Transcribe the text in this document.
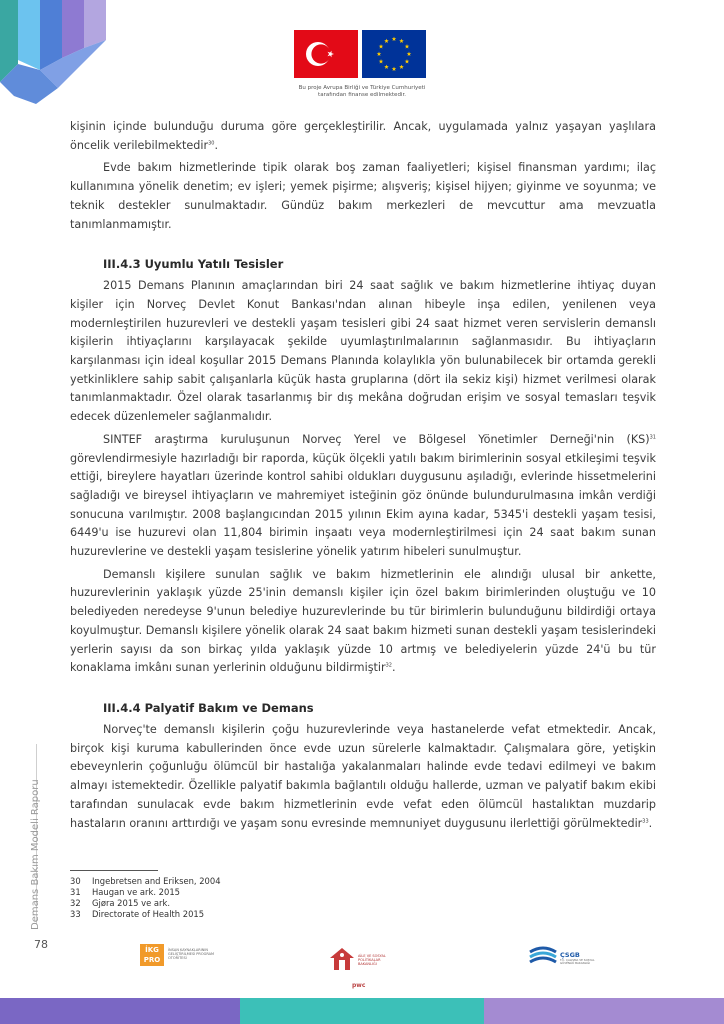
Bu proje Avrupa Birliği ve Türkiye Cumhuriyeti
tarafından finanse edilmektedir.

kişinin içinde bulunduğu duruma göre gerçekleştirilir. Ancak, uygulamada yalnız yaşayan yaşlılara öncelik verilebilmektedir$^{30}$.

Evde bakım hizmetlerinde tipik olarak boş zaman faaliyetleri; kişisel finansman yardımı; ilaç kullanımına yönelik denetim; ev işleri; yemek pişirme; alışveriş; kişisel hijyen; giyinme ve soyunma; ve teknik destekler sunulmaktadır. Gündüz bakım merkezleri de mevcuttur ama mevzuatla tanımlanmamıştır.

III.4.3 Uyumlu Yatılı Tesisler

2015 Demans Planının amaçlarından biri 24 saat sağlık ve bakım hizmetlerine ihtiyaç duyan kişiler için Norveç Devlet Konut Bankası'ndan alınan hibeyle inşa edilen, yenilenen veya modernleştirilen huzurevleri ve destekli yaşam tesisleri gibi 24 saat hizmet veren servislerin demanslı kişilerin ihtiyaçlarını karşılayacak şekilde uyumlaştırılmalarının sağlanmasıdır. Bu ihtiyaçların karşılanması için ideal koşullar 2015 Demans Planında kolaylıkla yön bulunabilecek bir ortamda gerekli yetkinliklere sahip sabit çalışanlarla küçük hasta gruplarına (dört ila sekiz kişi) hizmet verilmesi olarak tanımlanmaktadır. Özel olarak tasarlanmış bir dış mekâna doğrudan erişim ve sosyal temasları teşvik edecek düzenlemeler sağlanmalıdır.

SINTEF araştırma kuruluşunun Norveç Yerel ve Bölgesel Yönetimler Derneği'nin (KS)$^{31}$ görevlendirmesiyle hazırladığı bir raporda, küçük ölçekli yatılı bakım birimlerinin sosyal etkileşimi teşvik ettiği, bireylere hayatları üzerinde kontrol sahibi oldukları duygusunu aşıladığı, evlerinde hissetmelerini sağladığı ve bireysel ihtiyaçların ve mahremiyet isteğinin göz önünde bulundurulmasına imkân verdiği sonucuna varılmıştır. 2008 başlangıcından 2015 yılının Ekim ayına kadar, 5345'i destekli yaşam tesisi, 6449'u ise huzurevi olan 11,804 birimin inşaatı veya modernleştirilmesi için 24 saat bakım sunan huzurevlerine ve destekli yaşam tesislerine yönelik yatırım hibeleri sunulmuştur.

Demanslı kişilere sunulan sağlık ve bakım hizmetlerinin ele alındığı ulusal bir ankette, huzurevlerinin yaklaşık yüzde 25'inin demanslı kişiler için özel bakım birimlerinden oluştuğu ve 10 belediyeden neredeyse 9'unun belediye huzurevlerinde bu tür birimlerin bulunduğunu bildirdiği ortaya koyulmuştur. Demanslı kişilere yönelik olarak 24 saat bakım hizmeti sunan destekli yaşam tesislerindeki yerlerin sayısı da son birkaç yılda yaklaşık yüzde 10 artmış ve belediyelerin yüzde 24'ü bu tür konaklama imkânı sunan yerlerinin olduğunu bildirmiştir$^{32}$.

III.4.4 Palyatif Bakım ve Demans

Norveç'te demanslı kişilerin çoğu huzurevlerinde veya hastanelerde vefat etmektedir. Ancak, birçok kişi kuruma kabullerinden önce evde uzun sürelerle kalmaktadır. Çalışmalara göre, yetişkin ebeveynlerin çoğunluğu ölümcül bir hastalığa yakalanmaları halinde evde tedavi edilmeyi ve bakım almayı istemektedir. Özellikle palyatif bakımla bağlantılı olduğu hallerde, uzman ve palyatif bakım ekibi tarafından sunulacak evde bakım hizmetlerinin evde vefat eden ölümcül hastalıktan muzdarip hastaların oranını arttırdığı ve yaşam sonu evresinde memnuniyet duygusunu ilerlettiği görülmektedir$^{33}$.

30	Ingebretsen and Eriksen, 2004
31	Haugan ve ark. 2015
32	Gjøra 2015 ve ark.
33	Directorate of Health 2015
Demans Bakım Modeli Raporu
78	İKG
PRO
İNSAN KAYNAKLARININ GELİŞTİRİLMESİ PROGRAM OTORİTESİ
AİLE VE SOSYAL POLİTİKALAR BAKANLIĞI
pwc
ÇSGB
T.C. ÇALIŞMA VE SOSYAL GÜVENLİK BAKANLIĞI
